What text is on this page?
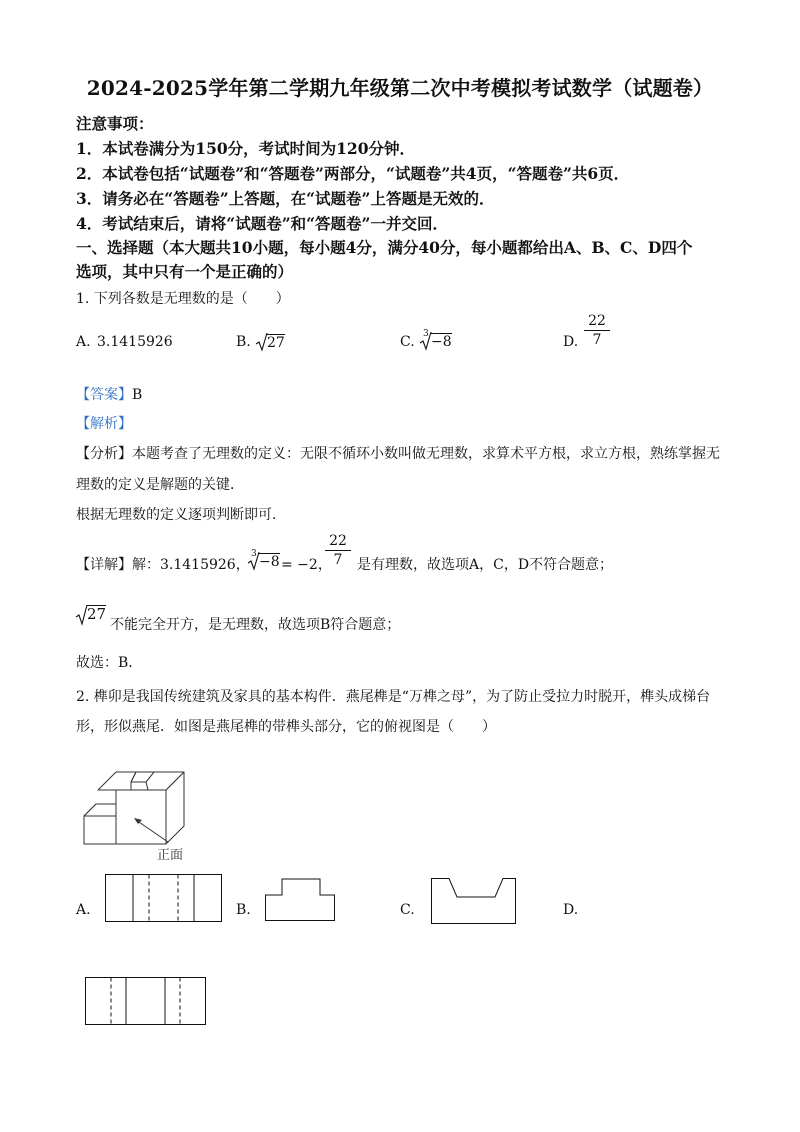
2024-2025学年第二学期九年级第二次中考模拟考试数学（试题卷）
注意事项：
1．本试卷满分为150分，考试时间为120分钟．
2．本试卷包括“试题卷”和“答题卷”两部分，“试题卷”共4页，“答题卷”共6页．
3．请务必在“答题卷”上答题，在“试题卷”上答题是无效的．
4．考试结束后，请将“试题卷”和“答题卷”一并交回．
一、选择题（本大题共10小题，每小题4分，满分40分，每小题都给出A、B、C、D四个
选项，其中只有一个是正确的）
1. 下列各数是无理数的是（　　）
A. 3.1415926	B. 27	C. 3 −8	D. $\frac{22}{7}$
【答案】B
【解析】
【分析】本题考查了无理数的定义：无限不循环小数叫做无理数，求算术平方根，求立方根，熟练掌握无
理数的定义是解题的关键．
根据无理数的定义逐项判断即可．
【详解】解：3.1415926，
3 −8 = −2，
$\frac{22}{7}$ 是有理数，故选项A，C，D不符合题意；
27
不能完全开方，是无理数，故选项B符合题意；
故选：B．
2. 榫卯是我国传统建筑及家具的基本构件．燕尾榫是“万榫之母”，为了防止受拉力时脱开，榫头成梯台
形，形似燕尾．如图是燕尾榫的带榫头部分，它的俯视图是（　　）
正面
A.	B.	C.	D.
